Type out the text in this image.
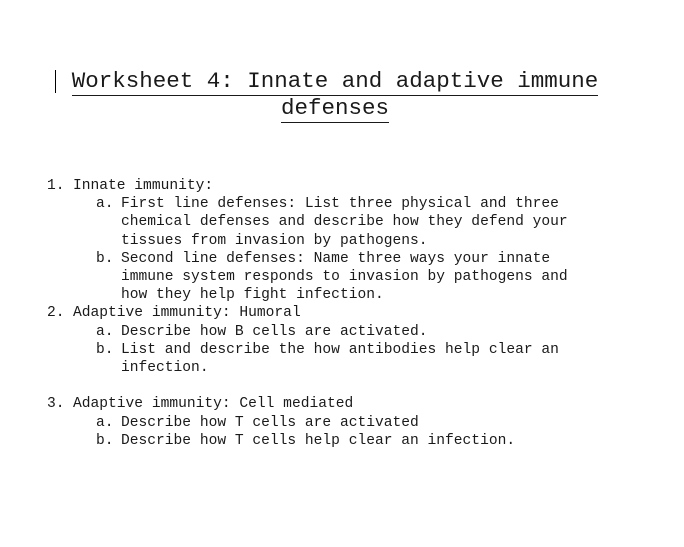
Worksheet 4: Innate and adaptive immune
defenses
1. Innate immunity:
a. First line defenses: List three physical and three
chemical defenses and describe how they defend your
tissues from invasion by pathogens.
b. Second line defenses: Name three ways your innate
immune system responds to invasion by pathogens and
how they help fight infection.
2. Adaptive immunity: Humoral
a. Describe how B cells are activated.
b. List and describe the how antibodies help clear an
infection.
3. Adaptive immunity: Cell mediated
a. Describe how T cells are activated
b. Describe how T cells help clear an infection.
